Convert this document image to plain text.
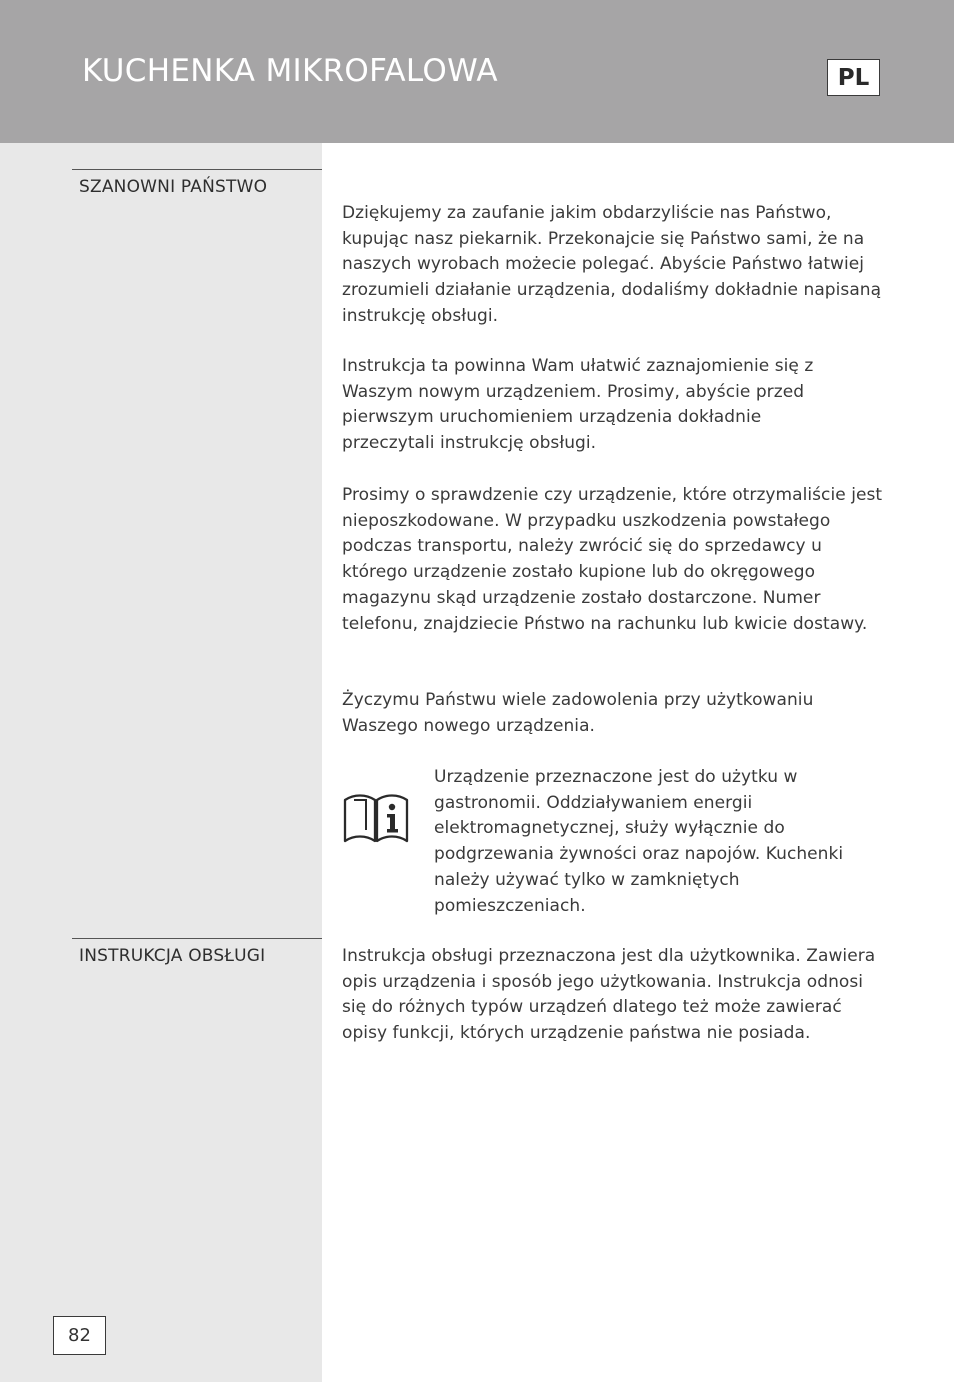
KUCHENKA MIKROFALOWA	PL
SZANOWNI PAŃSTWO

Dziękujemy za zaufanie jakim obdarzyliście nas Państwo, kupując nasz piekarnik. Przekonajcie się Państwo sami, że na naszych wyrobach możecie polegać. Abyście Państwo łatwiej zrozumieli działanie urządzenia, dodaliśmy dokładnie napisaną instrukcję obsługi.

Instrukcja ta powinna Wam ułatwić zaznajomienie się z Waszym nowym urządzeniem. Prosimy, abyście przed pierwszym uruchomieniem urządzenia dokładnie przeczytali instrukcję obsługi.

Prosimy o sprawdzenie czy urządzenie, które otrzymaliście jest nieposzkodowane. W przypadku uszkodzenia powstałego podczas transportu, należy zwrócić się do sprzedawcy u którego urządzenie zostało kupione lub do okręgowego magazynu skąd urządzenie zostało dostarczone. Numer telefonu, znajdziecie Pństwo na rachunku lub kwicie dostawy.

Życzymu Państwu wiele zadowolenia przy użytkowaniu Waszego nowego urządzenia.

Urządzenie przeznaczone jest do użytku w gastronomii. Oddziaływaniem energii elektromagnetycznej, służy wyłącznie do podgrzewania żywności oraz napojów. Kuchenki należy używać tylko w zamkniętych pomieszczeniach.

INSTRUKCJA OBSŁUGI	Instrukcja obsługi przeznaczona jest dla użytkownika. Zawiera opis urządzenia i sposób jego użytkowania. Instrukcja odnosi się do różnych typów urządzeń dlatego też może zawierać opisy funkcji, których urządzenie państwa nie posiada.

82
